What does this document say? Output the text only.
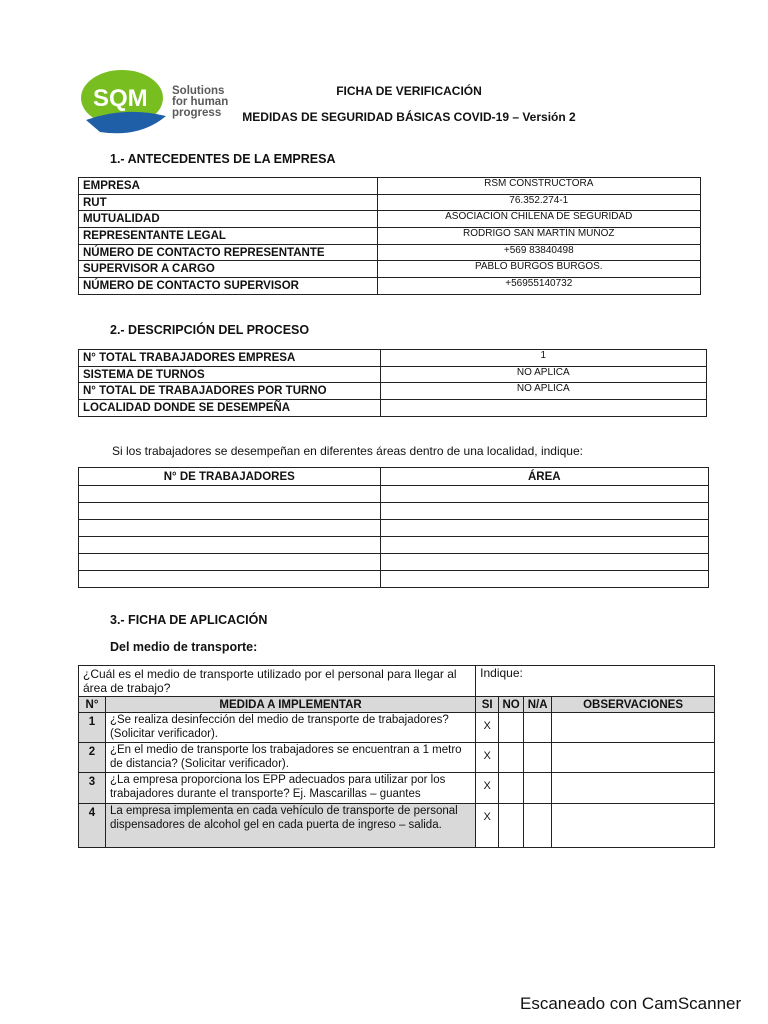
SQM Solutions
for human
progress
FICHA DE VERIFICACIÓN
MEDIDAS DE SEGURIDAD BÁSICAS COVID-19 – Versión 2
1.- ANTECEDENTES DE LA EMPRESA
EMPRESA	RSM CONSTRUCTORA
RUT	76.352.274-1
MUTUALIDAD	ASOCIACIÓN CHILENA DE SEGURIDAD
REPRESENTANTE LEGAL	RODRIGO SAN MARTÍN MUÑOZ
NÚMERO DE CONTACTO REPRESENTANTE	+569 83840498
SUPERVISOR A CARGO	PABLO BURGOS BURGOS.
NÚMERO DE CONTACTO SUPERVISOR	+56955140732
2.- DESCRIPCIÓN DEL PROCESO
N° TOTAL TRABAJADORES EMPRESA	1
SISTEMA DE TURNOS	NO APLICA
N° TOTAL DE TRABAJADORES POR TURNO	NO APLICA
LOCALIDAD DONDE SE DESEMPEÑA	
Si los trabajadores se desempeñan en diferentes áreas dentro de una localidad, indique:
N° DE TRABAJADORES	ÁREA

3.- FICHA DE APLICACIÓN
Del medio de transporte:
¿Cuál es el medio de transporte utilizado por el personal para llegar al área de trabajo?		Indique:			
N°	MEDIDA A IMPLEMENTAR	SI	NO	N/A	OBSERVACIONES
1	¿Se realiza desinfección del medio de transporte de trabajadores? (Solicitar verificador).	X			
2	¿En el medio de transporte los trabajadores se encuentran a 1 metro de distancia? (Solicitar verificador).	X			
3	¿La empresa proporciona los EPP adecuados para utilizar por los trabajadores durante el transporte? Ej. Mascarillas – guantes	X			
4	La empresa implementa en cada vehículo de transporte de personal dispensadores de alcohol gel en cada puerta de ingreso – salida.	X			
Escaneado con CamScanner
